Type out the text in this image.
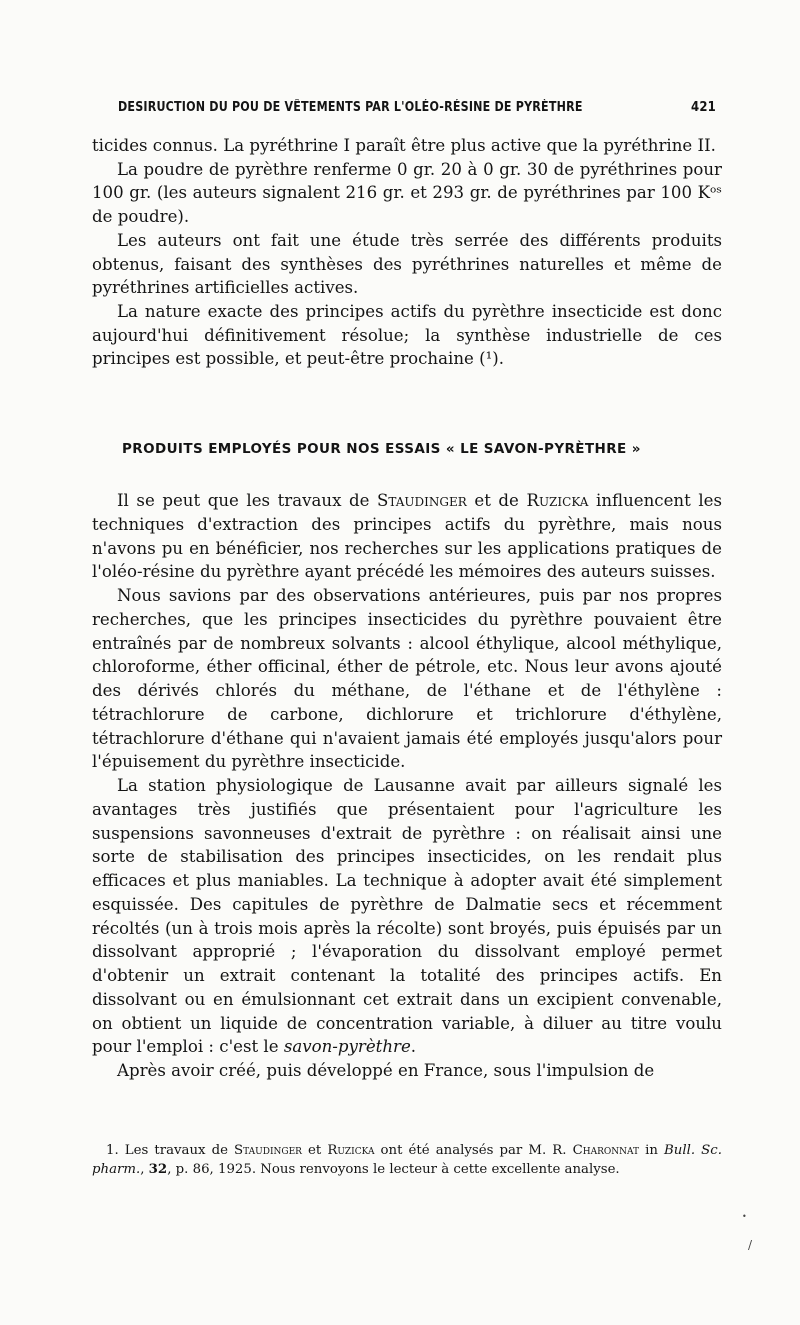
DESIRUCTION DU POU DE VÊTEMENTS PAR L'OLÉO-RÉSINE DE PYRÈTHRE	421

ticides connus. La pyréthrine I paraît être plus active que la pyréthrine II.

La poudre de pyrèthre renferme 0 gr. 20 à 0 gr. 30 de pyréthrines pour 100 gr. (les auteurs signalent 216 gr. et 293 gr. de pyréthrines par 100 Kᵒˢ de poudre).

Les auteurs ont fait une étude très serrée des différents produits obtenus, faisant des synthèses des pyréthrines naturelles et même de pyréthrines artificielles actives.

La nature exacte des principes actifs du pyrèthre insecticide est donc aujourd'hui définitivement résolue; la synthèse industrielle de ces principes est possible, et peut-être prochaine (¹).

PRODUITS EMPLOYÉS POUR NOS ESSAIS « LE SAVON-PYRÈTHRE »

Il se peut que les travaux de Staudinger et de Ruzicka influencent les techniques d'extraction des principes actifs du pyrèthre, mais nous n'avons pu en bénéficier, nos recherches sur les applications pratiques de l'oléo-résine du pyrèthre ayant précédé les mémoires des auteurs suisses.

Nous savions par des observations antérieures, puis par nos propres recherches, que les principes insecticides du pyrèthre pouvaient être entraînés par de nombreux solvants : alcool éthylique, alcool méthylique, chloroforme, éther officinal, éther de pétrole, etc. Nous leur avons ajouté des dérivés chlorés du méthane, de l'éthane et de l'éthylène : tétrachlorure de carbone, dichlorure et trichlorure d'éthylène, tétrachlorure d'éthane qui n'avaient jamais été employés jusqu'alors pour l'épuisement du pyrèthre insecticide.

La station physiologique de Lausanne avait par ailleurs signalé les avantages très justifiés que présentaient pour l'agriculture les suspensions savonneuses d'extrait de pyrèthre : on réalisait ainsi une sorte de stabilisation des principes insecticides, on les rendait plus efficaces et plus maniables. La technique à adopter avait été simplement esquissée. Des capitules de pyrèthre de Dalmatie secs et récemment récoltés (un à trois mois après la récolte) sont broyés, puis épuisés par un dissolvant approprié ; l'évaporation du dissolvant employé permet d'obtenir un extrait contenant la totalité des principes actifs. En dissolvant ou en émulsionnant cet extrait dans un excipient convenable, on obtient un liquide de concentration variable, à diluer au titre voulu pour l'emploi : c'est le savon-pyrèthre.

Après avoir créé, puis développé en France, sous l'impulsion de

1. Les travaux de Staudinger et Ruzicka ont été analysés par M. R. Charonnat in Bull. Sc. pharm., 32, p. 86, 1925. Nous renvoyons le lecteur à cette excellente analyse.

/
•
